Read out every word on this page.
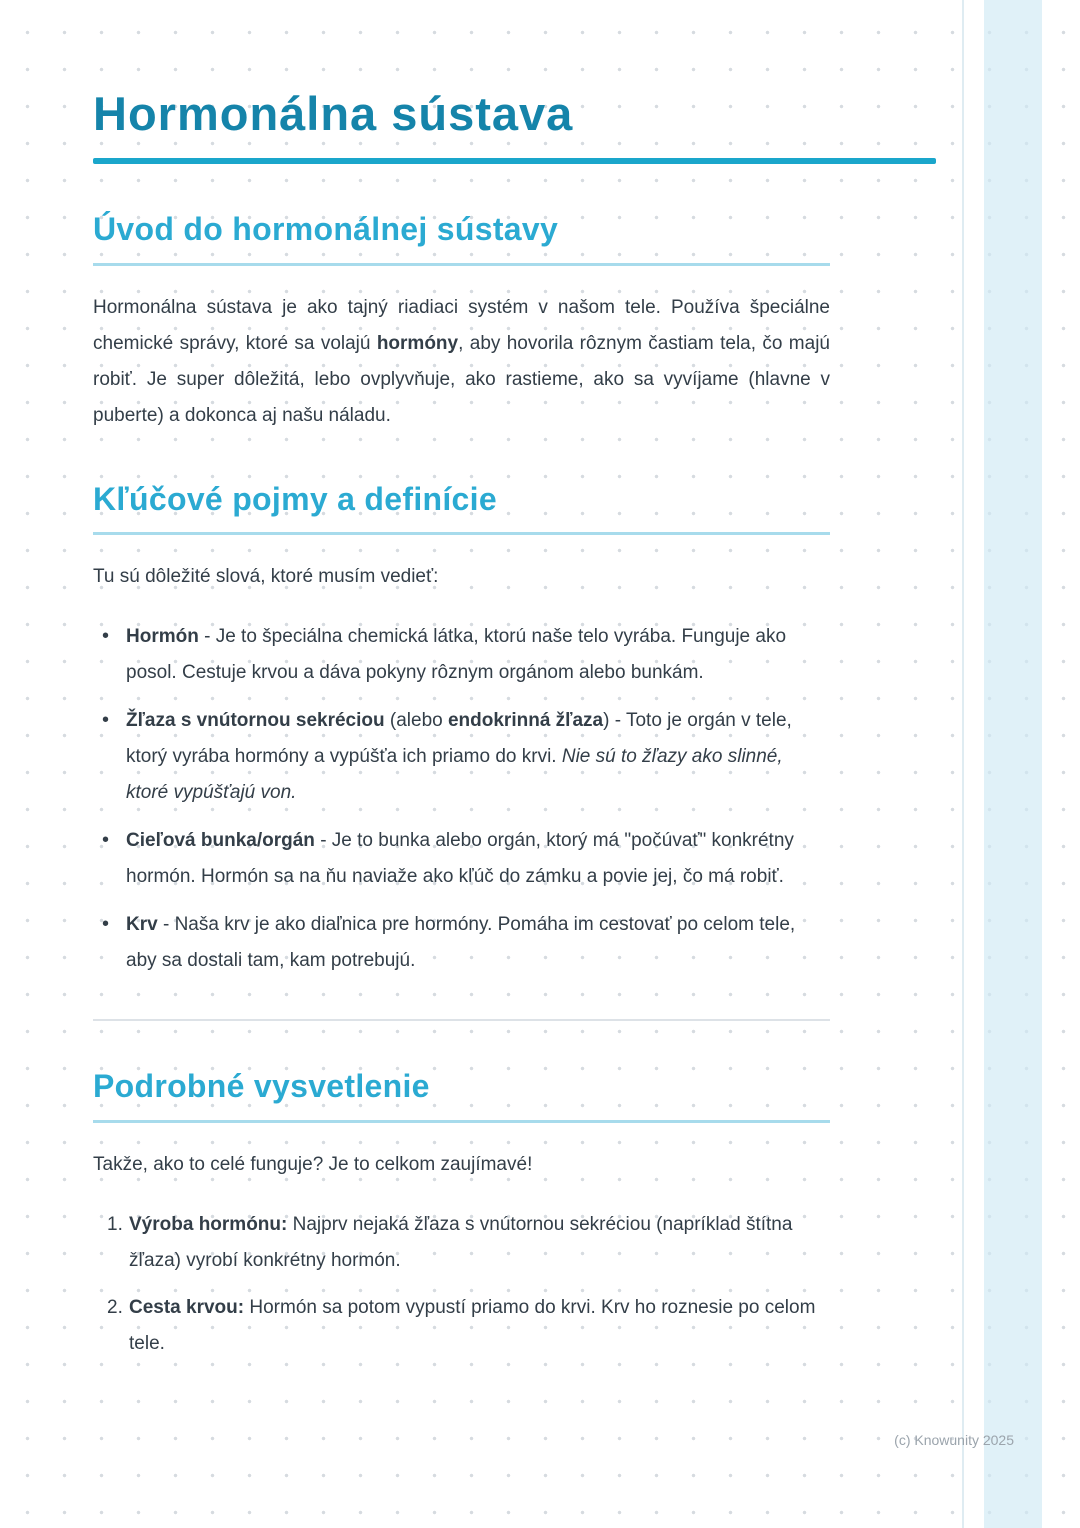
Hormonálna sústava
Úvod do hormonálnej sústavy

Hormonálna sústava je ako tajný riadiaci systém v našom tele. Používa špeciálne chemické správy, ktoré sa volajú hormóny, aby hovorila rôznym častiam tela, čo majú robiť. Je super dôležitá, lebo ovplyvňuje, ako rastieme, ako sa vyvíjame (hlavne v puberte) a dokonca aj našu náladu.

Kľúčové pojmy a definície

Tu sú dôležité slová, ktoré musím vedieť:

• Hormón - Je to špeciálna chemická látka, ktorú naše telo vyrába. Funguje ako posol. Cestuje krvou a dáva pokyny rôznym orgánom alebo bunkám.
• Žľaza s vnútornou sekréciou (alebo endokrinná žľaza) - Toto je orgán v tele, ktorý vyrába hormóny a vypúšťa ich priamo do krvi. Nie sú to žľazy ako slinné, ktoré vypúšťajú von.
• Cieľová bunka/orgán - Je to bunka alebo orgán, ktorý má "počúvať" konkrétny hormón. Hormón sa na ňu naviaže ako kľúč do zámku a povie jej, čo má robiť.
• Krv - Naša krv je ako diaľnica pre hormóny. Pomáha im cestovať po celom tele, aby sa dostali tam, kam potrebujú.
Podrobné vysvetlenie

Takže, ako to celé funguje? Je to celkom zaujímavé!

1. Výroba hormónu: Najprv nejaká žľaza s vnútornou sekréciou (napríklad štítna žľaza) vyrobí konkrétny hormón.
2. Cesta krvou: Hormón sa potom vypustí priamo do krvi. Krv ho roznesie po celom tele.
(c) Knowunity 2025
